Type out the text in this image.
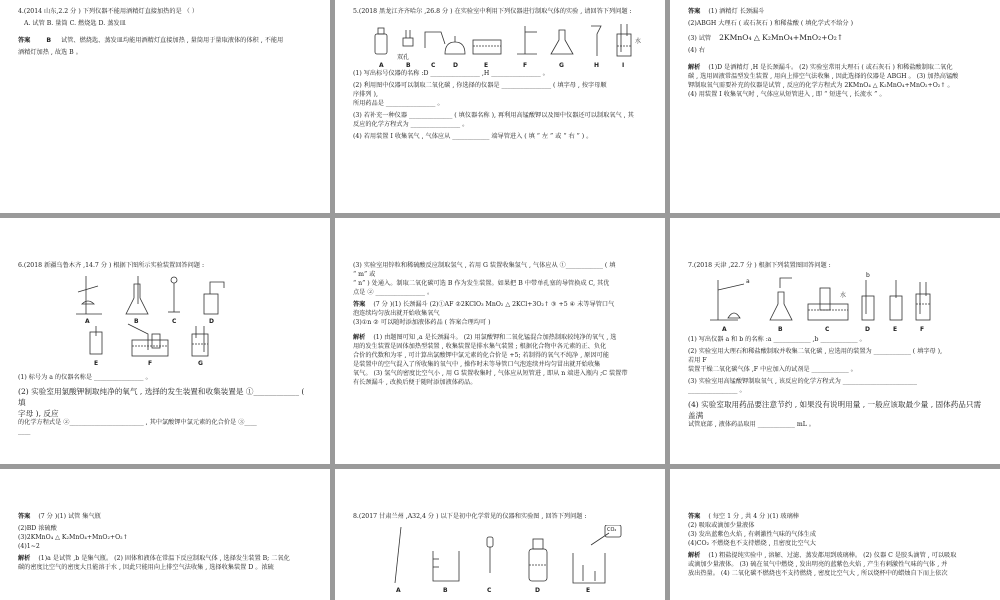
4.(2014 山东,2.2 分 ) 下列仪器不能用酒精灯直接加热的是 （ ）

A. 试管 B. 量筒 C. 燃烧匙 D. 蒸发皿

答案	B 试管、燃烧匙、蒸发皿均能用酒精灯直接加热 , 量筒用于量取液体的体积 , 不能用

酒精灯加热 , 故选 B 。

5.(2018 黑龙江齐齐哈尔 ,26.8 分 ) 在实验室中利用下列仪器进行制取气体的实验 , 请回答下列问题 :

双孔
水
A	B	C	D	E	F	G	H	I

(1) 写出标号仪器的名称 :D ________________ ,H ________________ 。

(2) 利用图中仪器可以制取二氧化碳 , 你选择的仪器是 ________________ ( 填字母 , 按字母顺

序排列 ),

所用药品是 ________________ 。

(3) 若补充一种仪器 ______________ ( 填仪器名称 ), 再利用高锰酸钾以及图中仪器还可以制取氧气 , 其

反应的化学方程式为 ________________ 。

(4) 若用装置 I 收集氧气 , 气体应从 ____________ 端导管进入 ( 填 “ 左 ” 或 “ 右 ” ) 。

答案 (1) 酒精灯 长颈漏斗

(2)ABGH 大理石 ( 或石灰石 ) 和稀盐酸 ( 填化学式不给分 )

(3) 试管 2KMnO₄ △ K₂MnO₄+MnO₂+O₂↑

(4) 右

解析 (1)D 是酒精灯 ,H 是长颈漏斗。 (2) 实验室常用大理石 ( 或石灰石 ) 和稀盐酸制取二氧化

碳 , 选用固液常温型发生装置 , 用向上排空气法收集 , 因此选择的仪器是 ABGH 。 (3) 加热高锰酸

钾制取氧气需要补充的仪器是试管 , 反应的化学方程式为 2KMnO₄ △ K₂MnO₄+MnO₂+O₂↑ 。

(4) 用装置 I 收集氧气时 , 气体应从短管进入 , 即 “ 短进气 , 长流水 ” 。

6.(2018 新疆乌鲁木齐 ,14.7 分 ) 根据下图所示实验装置回答问题 :

A	B	C	D
E	F	G

(1) 标号为 a 的仪器名称是 ________________ 。

(2) 实验室用氯酸钾制取纯净的氧气 , 选择的发生装置和收集装置是 ①____________ ( 填

字母 ), 反应

的化学方程式是 ②________________________ , 其中氯酸钾中氯元素的化合价是 ③____

____

(3) 实验室用锌粒和稀硫酸反应制取氢气 , 若用 G 装置收集氢气 , 气体应从 ①____________ ( 填

“ m” 或

“ n” ) 处通入。制取二氧化碳可选 B 作为发生装置。如果把 B 中带单孔塞的导管换成 C, 其优

点是 ② ________________ 。

答案 (7 分 )(1) 长颈漏斗 (2)①AF ②2KClO₃ MnO₂ △ 2KCl+3O₂↑ ③ +5 ④ 未等导管口气

泡连续均匀放出就开始收集氧气

(3)①n ② 可以随时添加液体药品 ( 答案合理均可 )

解析 (1) 由题图可知 ,a 是长颈漏斗。 (2) 用氯酸钾和二氧化锰混合加热制取较纯净的氧气 , 选

用的发生装置是固体加热型装置 , 收集装置是排水集气装置 ; 根据化合物中各元素的正、负化

合价的代数和为零 , 可计算出氯酸钾中氯元素的化合价是 +5; 若制得的氧气不纯净 , 原因可能

是装置中的空气混入了所收集的氧气中 , 操作时未等导管口气泡连续并均匀冒出就开始收集

氧气。 (3) 氢气的密度比空气小 , 用 G 装置收集时 , 气体应从短管进 , 即从 n 端进入瓶内 ;C 装置带

有长颈漏斗 , 改换后便于随时添加液体药品。

7.(2018 天津 ,22.7 分 ) 根据下列装置图回答问题 :

a
b
水
A	B	C	D	E	F

(1) 写出仪器 a 和 b 的名称 :a ____________ ,b ____________ 。

(2) 实验室用大理石和稀盐酸制取并收集二氧化碳 , 应选用的装置为 ____________ ( 填字母 ),

若用 F

装置干燥二氧化碳气体 ,F 中应加入的试剂是 ____________ 。

(3) 实验室用高锰酸钾制取氧气 , 该反应的化学方程式为 ________________________

________________ 。

(4) 实验室取用药品要注意节约 , 如果没有说明用量 , 一般应该取最少量 , 固体药品只需盖满

试管底部 , 液体药品取用 ____________ mL 。

答案 (7 分 )(1) 试管 集气瓶

(2)BD 浓硫酸

(3)2KMnO₄ △ K₂MnO₄+MnO₂+O₂↑

(4)1~2

解析 (1)a 是试管 ,b 是集气瓶。 (2) 固体和液体在常温下反应制取气体 , 选择发生装置 B; 二氧化

碳的密度比空气的密度大且能溶于水 , 因此只能用向上排空气法收集 , 选择收集装置 D 。浓硫

8.(2017 甘肃兰州 ,A32,4 分 ) 以下是初中化学常见的仪器和实验图 , 回答下列问题 :

CO₂
A	B	C	D	E

答案 ( 每空 1 分 , 共 4 分 )(1) 玻璃棒

(2) 吸取或滴加少量液体

(3) 发出蓝紫色火焰 , 有刺激性气味的气体生成

(4)CO₂ 不燃烧也不支持燃烧 , 且密度比空气大

解析 (1) 粗盐提纯实验中 , 溶解、过滤、蒸发都用到玻璃棒。 (2) 仪器 C 是胶头滴管 , 可以吸取

或滴加少量液体。 (3) 硫在氧气中燃烧 , 发出明亮的蓝紫色火焰 , 产生有刺激性气味的气体 , 并

放出热量。 (4) 二氧化碳不燃烧也不支持燃烧 , 密度比空气大 , 所以烧杯中的蜡烛自下而上依次
